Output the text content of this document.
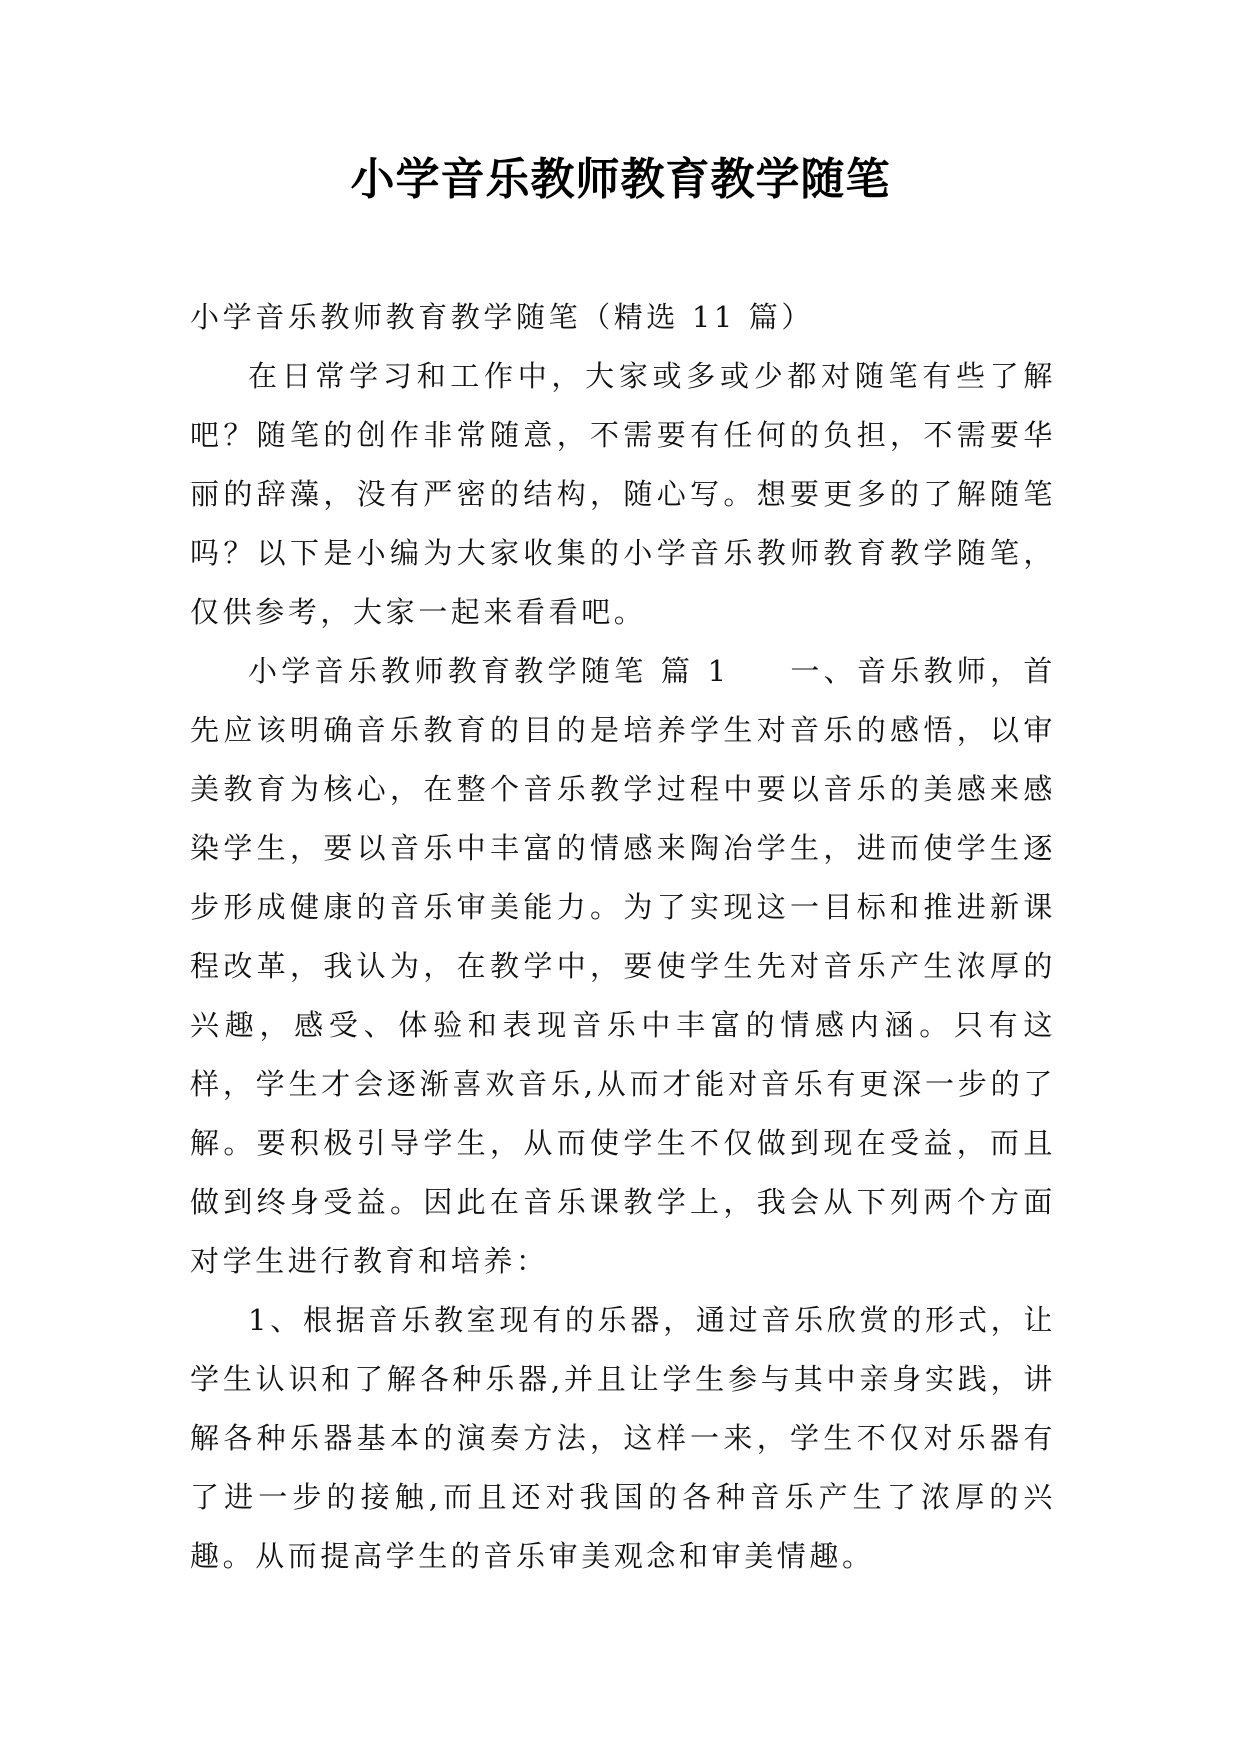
小学音乐教师教育教学随笔

小学音乐教师教育教学随笔（精选 11 篇）

在日常学习和工作中，大家或多或少都对随笔有些了解吧？随笔的创作非常随意，不需要有任何的负担，不需要华丽的辞藻，没有严密的结构，随心写。想要更多的了解随笔吗？以下是小编为大家收集的小学音乐教师教育教学随笔，仅供参考，大家一起来看看吧。

小学音乐教师教育教学随笔 篇 1 一、音乐教师，首先应该明确音乐教育的目的是培养学生对音乐的感悟，以审美教育为核心，在整个音乐教学过程中要以音乐的美感来感染学生，要以音乐中丰富的情感来陶冶学生，进而使学生逐步形成健康的音乐审美能力。为了实现这一目标和推进新课程改革，我认为，在教学中，要使学生先对音乐产生浓厚的兴趣，感受、体验和表现音乐中丰富的情感内涵。只有这样，学生才会逐渐喜欢音乐,从而才能对音乐有更深一步的了解。要积极引导学生，从而使学生不仅做到现在受益，而且做到终身受益。因此在音乐课教学上，我会从下列两个方面对学生进行教育和培养：

1、根据音乐教室现有的乐器，通过音乐欣赏的形式，让学生认识和了解各种乐器,并且让学生参与其中亲身实践，讲解各种乐器基本的演奏方法，这样一来，学生不仅对乐器有了进一步的接触,而且还对我国的各种音乐产生了浓厚的兴趣。从而提高学生的音乐审美观念和审美情趣。
